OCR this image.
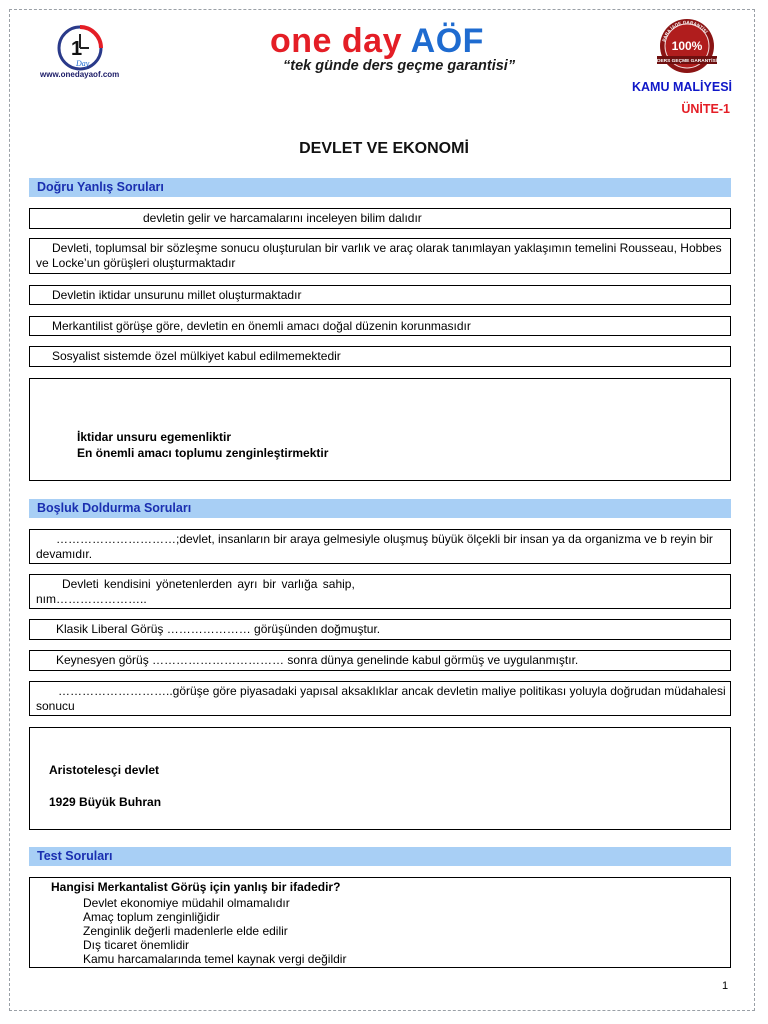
1
Day
www.onedayaof.com
one day AÖF
“tek günde ders geçme garantisi”
PARA İADE GARANTİSİ
100%
DERS GEÇME GARANTİSİ
KAMU MALİYESİ
ÜNİTE-1
DEVLET VE EKONOMİ
Doğru Yanlış Soruları
devletin gelir ve harcamalarını inceleyen bilim dalıdır
Devleti, toplumsal bir sözleşme sonucu oluşturulan bir varlık ve araç olarak tanımlayan yaklaşımın temelini Rousseau, Hobbes ve Locke’un görüşleri oluşturmaktadır
Devletin iktidar unsurunu millet oluşturmaktadır
Merkantilist görüşe göre, devletin en önemli amacı doğal düzenin korunmasıdır
Sosyalist sistemde özel mülkiyet kabul edilmemektedir
İktidar unsuru egemenliktir
En önemli amacı toplumu zenginleştirmektir
Boşluk Doldurma Soruları
…………………………;devlet, insanların bir araya gelmesiyle oluşmuş büyük ölçekli bir insan ya da organizma ve b reyin bir devamıdır.
Devleti kendisini yönetenlerden ayrı bir varlığa sahip,
nım…………………..
Klasik Liberal Görüş ………………… görüşünden doğmuştur.
Keynesyen görüş …………………………… sonra dünya genelinde kabul görmüş ve uygulanmıştır.
………………………..görüşe göre piyasadaki yapısal aksaklıklar ancak devletin maliye politikası yoluyla doğrudan müdahalesi sonucu
Aristotelesçi devlet
1929 Büyük Buhran
Test Soruları
Hangisi Merkantalist Görüş için yanlış bir ifadedir?
Devlet ekonomiye müdahil olmamalıdır
Amaç toplum zenginliğidir
Zenginlik değerli madenlerle elde edilir
Dış ticaret önemlidir
Kamu harcamalarında temel kaynak vergi değildir
1
